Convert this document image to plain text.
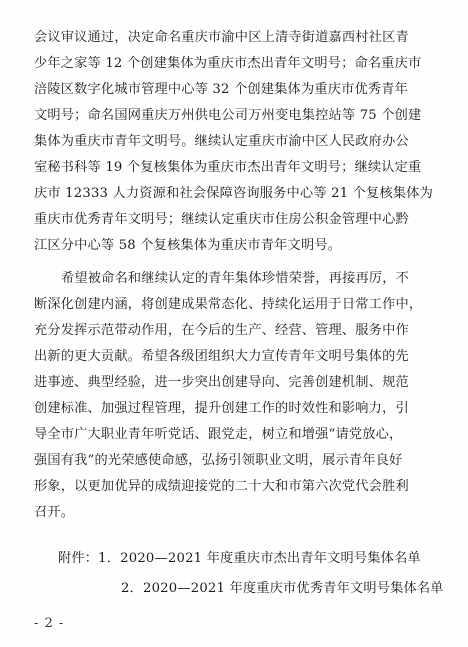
会议审议通过，决定命名重庆市渝中区上清寺街道嘉西村社区青
少年之家等 12 个创建集体为重庆市杰出青年文明号；命名重庆市
涪陵区数字化城市管理中心等 32 个创建集体为重庆市优秀青年
文明号；命名国网重庆万州供电公司万州变电集控站等 75 个创建
集体为重庆市青年文明号。继续认定重庆市渝中区人民政府办公
室秘书科等 19 个复核集体为重庆市杰出青年文明号；继续认定重
庆市 12333 人力资源和社会保障咨询服务中心等 21 个复核集体为
重庆市优秀青年文明号；继续认定重庆市住房公积金管理中心黔
江区分中心等 58 个复核集体为重庆市青年文明号。
希望被命名和继续认定的青年集体珍惜荣誉，再接再厉，不
断深化创建内涵，将创建成果常态化、持续化运用于日常工作中，
充分发挥示范带动作用，在今后的生产、经营、管理、服务中作
出新的更大贡献。希望各级团组织大力宣传青年文明号集体的先
进事迹、典型经验，进一步突出创建导向、完善创建机制、规范
创建标准、加强过程管理，提升创建工作的时效性和影响力，引
导全市广大职业青年听党话、跟党走，树立和增强“请党放心，
强国有我”的光荣感使命感，弘扬引领职业文明，展示青年良好
形象，以更加优异的成绩迎接党的二十大和市第六次党代会胜利
召开。
附件：1．2020—2021 年度重庆市杰出青年文明号集体名单
2．2020—2021 年度重庆市优秀青年文明号集体名单
- 2 -
